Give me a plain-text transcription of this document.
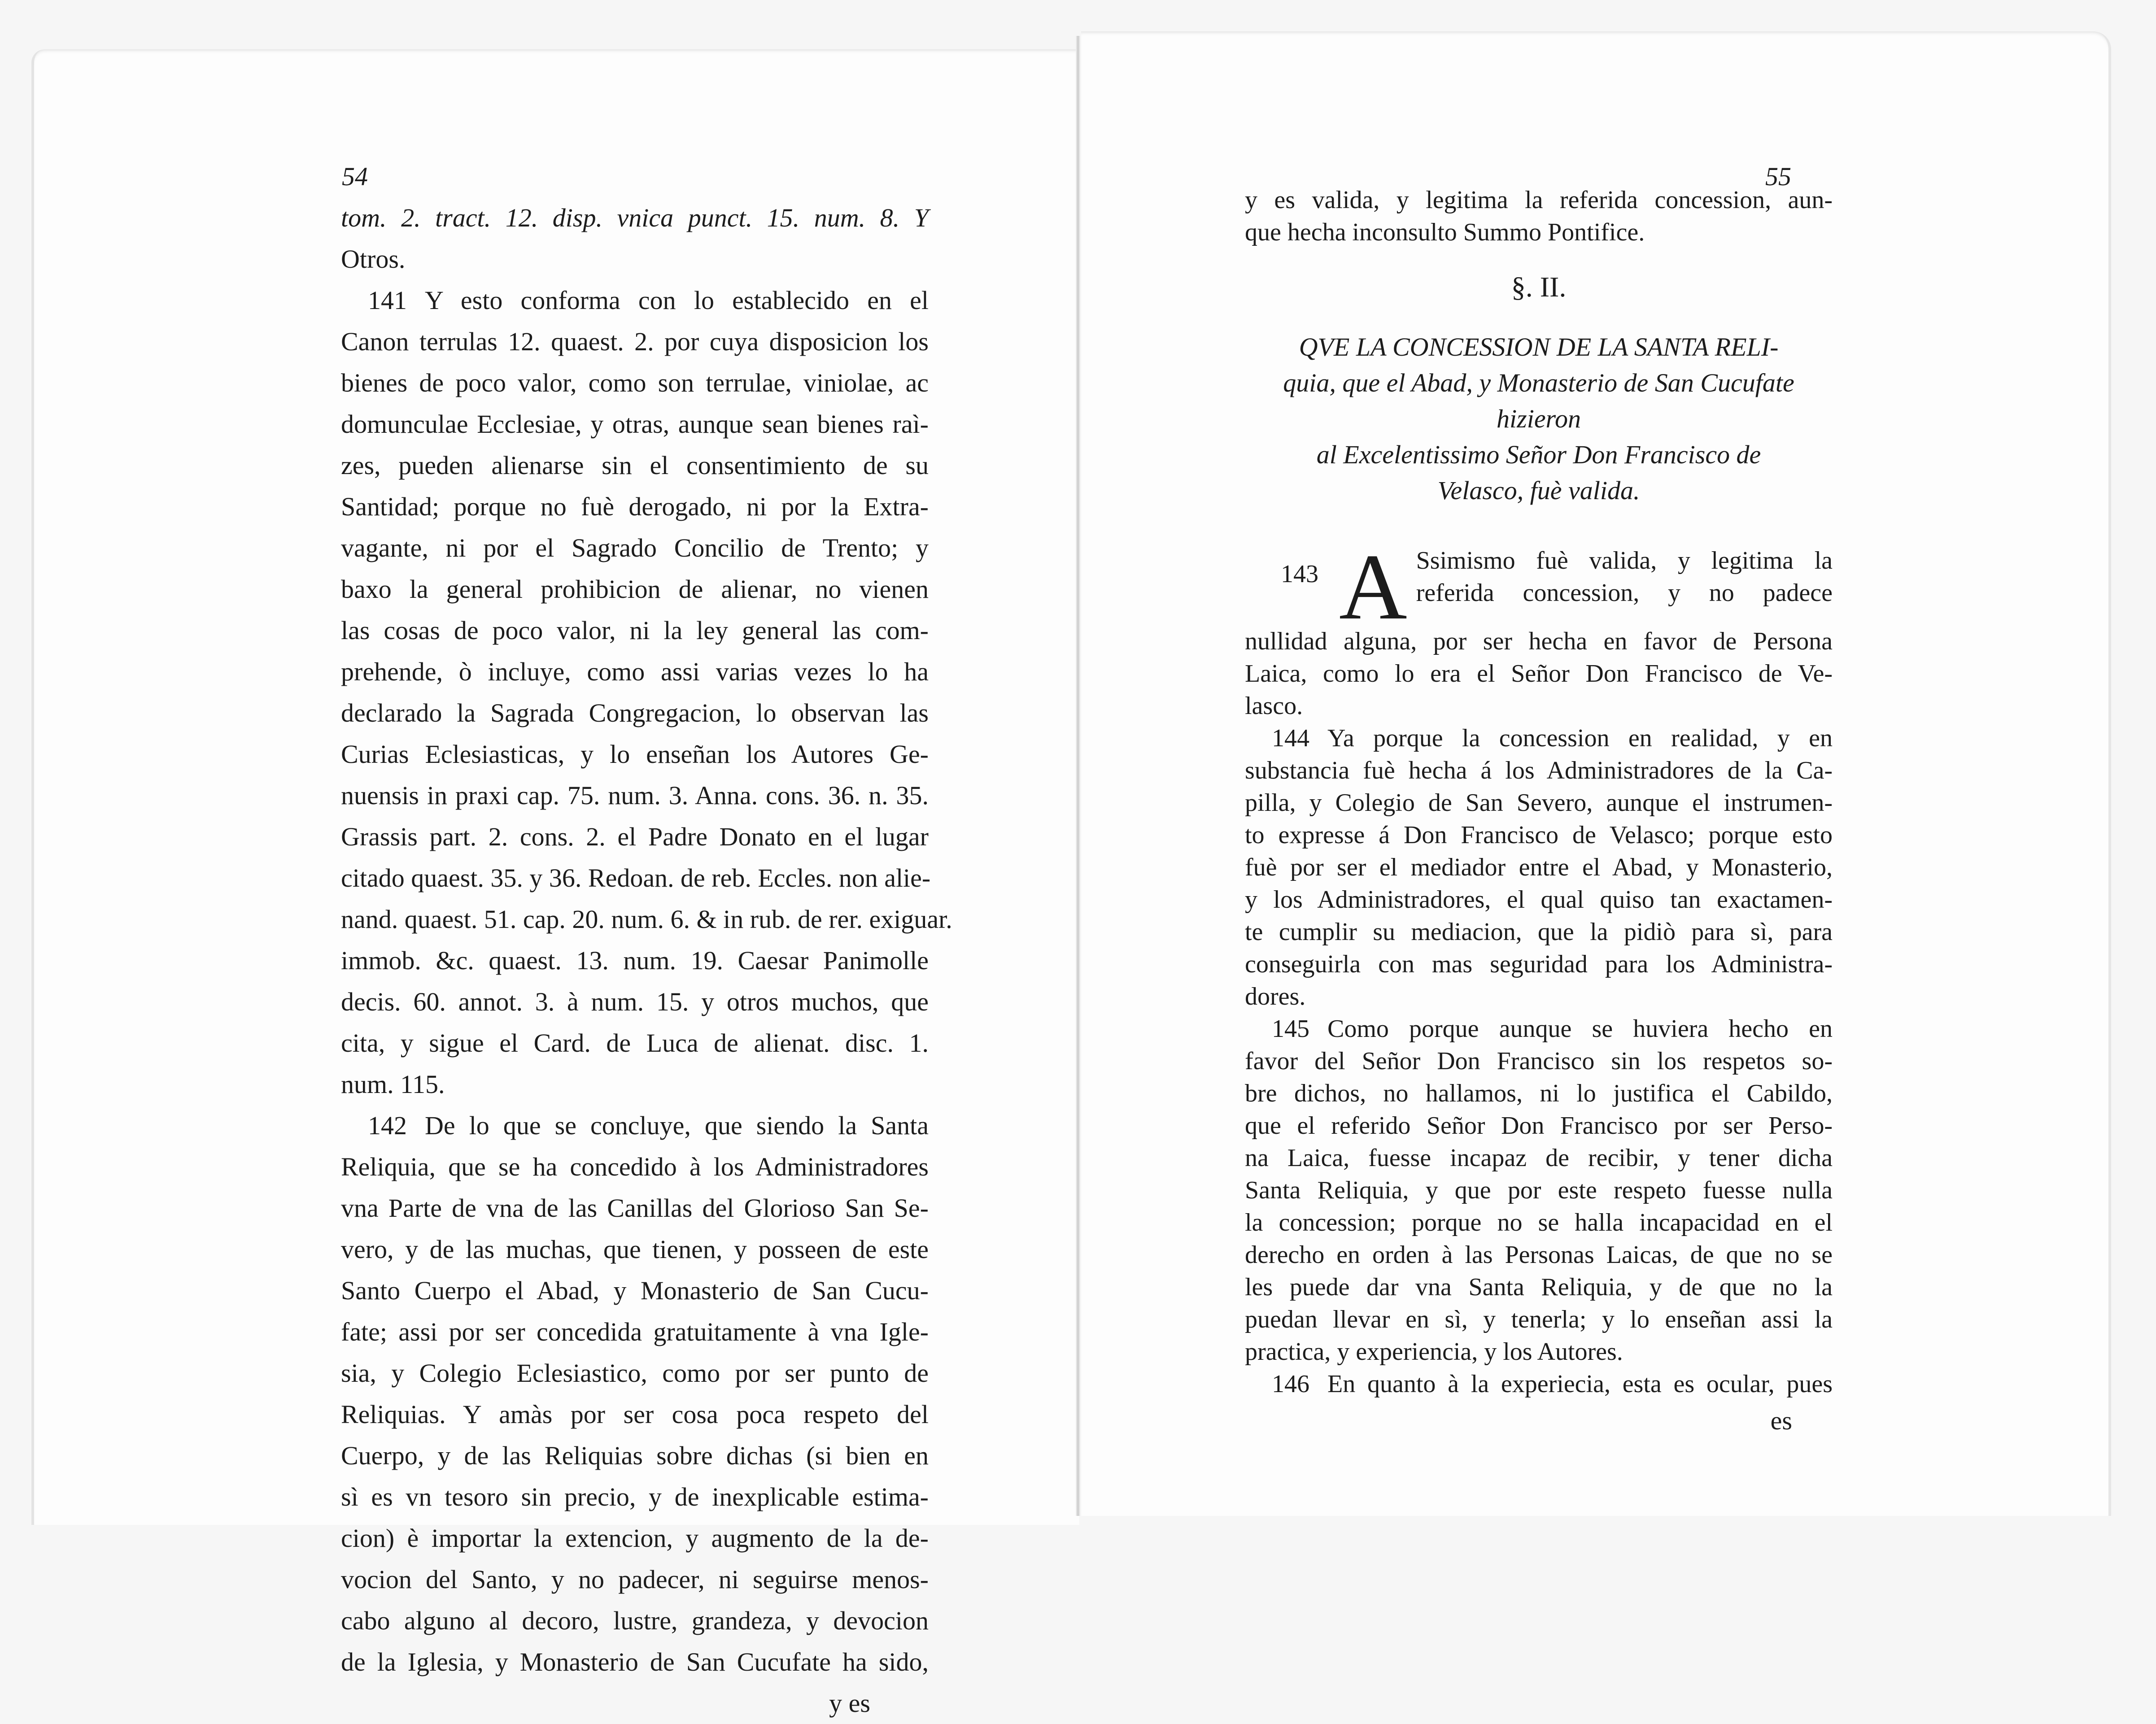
54	55
tom. 2. tract. 12. disp. vnica punct. 15. num. 8. Y
Otros.
141 Y esto conforma con lo establecido en el
Canon terrulas 12. quaest. 2. por cuya disposicion los
bienes de poco valor, como son terrulae, viniolae, ac
domunculae Ecclesiae, y otras, aunque sean bienes raì-
zes, pueden alienarse sin el consentimiento de su
Santidad; porque no fuè derogado, ni por la Extra-
vagante, ni por el Sagrado Concilio de Trento; y
baxo la general prohibicion de alienar, no vienen
las cosas de poco valor, ni la ley general las com-
prehende, ò incluye, como assi varias vezes lo ha
declarado la Sagrada Congregacion, lo observan las
Curias Eclesiasticas, y lo enseñan los Autores Ge-
nuensis in praxi cap. 75. num. 3. Anna. cons. 36. n. 35.
Grassis part. 2. cons. 2. el Padre Donato en el lugar
citado quaest. 35. y 36. Redoan. de reb. Eccles. non alie-
nand. quaest. 51. cap. 20. num. 6. & in rub. de rer. exiguar.
immob. &c. quaest. 13. num. 19. Caesar Panimolle
decis. 60. annot. 3. à num. 15. y otros muchos, que
cita, y sigue el Card. de Luca de alienat. disc. 1.
num. 115.
142 De lo que se concluye, que siendo la Santa
Reliquia, que se ha concedido à los Administradores
vna Parte de vna de las Canillas del Glorioso San Se-
vero, y de las muchas, que tienen, y posseen de este
Santo Cuerpo el Abad, y Monasterio de San Cucu-
fate; assi por ser concedida gratuitamente à vna Igle-
sia, y Colegio Eclesiastico, como por ser punto de
Reliquias. Y amàs por ser cosa poca respeto del
Cuerpo, y de las Reliquias sobre dichas (si bien en
sì es vn tesoro sin precio, y de inexplicable estima-
cion) è importar la extencion, y augmento de la de-
vocion del Santo, y no padecer, ni seguirse menos-
cabo alguno al decoro, lustre, grandeza, y devocion
de la Iglesia, y Monasterio de San Cucufate ha sido,
y es
y es valida, y legitima la referida concession, aun-
que hecha inconsulto Summo Pontifice.
§. II.
QVE LA CONCESSION DE LA SANTA RELI-
quia, que el Abad, y Monasterio de San Cucufate hizieron
al Excelentissimo Señor Don Francisco de
Velasco, fuè valida.
143 A Ssimismo fuè valida, y legitima la
referida concession, y no padece
nullidad alguna, por ser hecha en favor de Persona
Laica, como lo era el Señor Don Francisco de Ve-
lasco.
144 Ya porque la concession en realidad, y en
substancia fuè hecha á los Administradores de la Ca-
pilla, y Colegio de San Severo, aunque el instrumen-
to expresse á Don Francisco de Velasco; porque esto
fuè por ser el mediador entre el Abad, y Monasterio,
y los Administradores, el qual quiso tan exactamen-
te cumplir su mediacion, que la pidiò para sì, para
conseguirla con mas seguridad para los Administra-
dores.
145 Como porque aunque se huviera hecho en
favor del Señor Don Francisco sin los respetos so-
bre dichos, no hallamos, ni lo justifica el Cabildo,
que el referido Señor Don Francisco por ser Perso-
na Laica, fuesse incapaz de recibir, y tener dicha
Santa Reliquia, y que por este respeto fuesse nulla
la concession; porque no se halla incapacidad en el
derecho en orden à las Personas Laicas, de que no se
les puede dar vna Santa Reliquia, y de que no la
puedan llevar en sì, y tenerla; y lo enseñan assi la
practica, y experiencia, y los Autores.
146 En quanto à la experiecia, esta es ocular, pues
es
